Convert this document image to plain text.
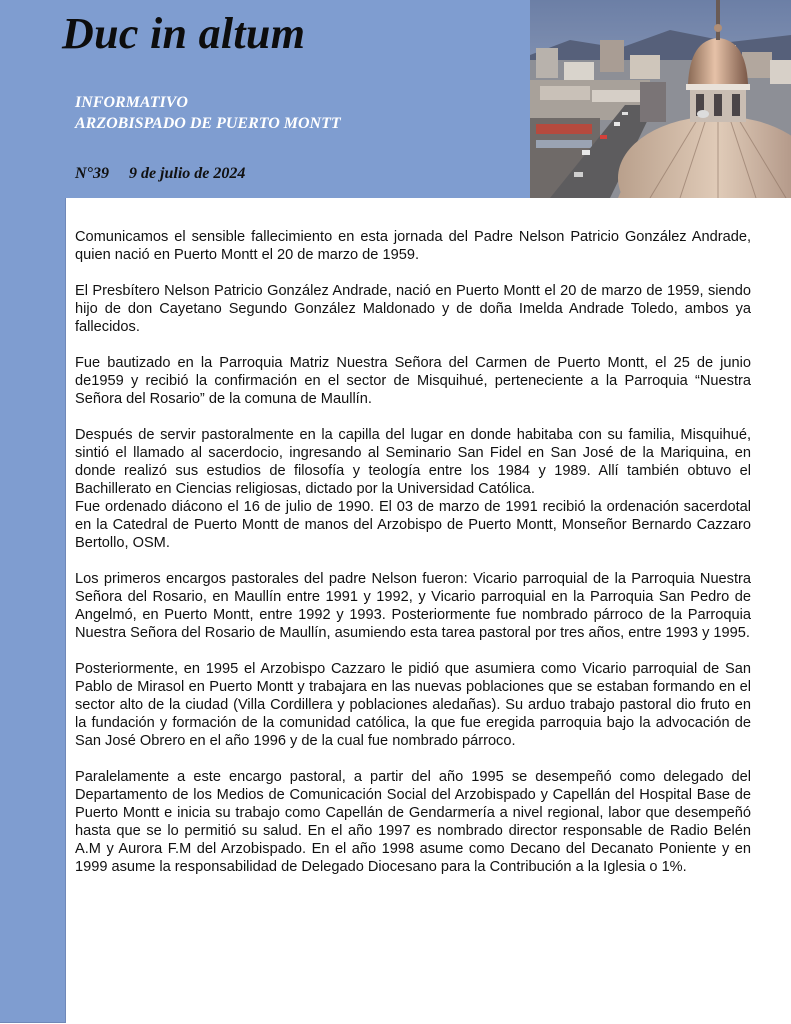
Duc in altum
INFORMATIVO
ARZOBISPADO DE PUERTO MONTT
N°39 9 de julio de 2024

Comunicamos el sensible fallecimiento en esta jornada del Padre Nelson Patricio González Andrade, quien nació en Puerto Montt el 20 de marzo de 1959.

El Presbítero Nelson Patricio González Andrade, nació en Puerto Montt el 20 de marzo de 1959, siendo hijo de don Cayetano Segundo González Maldonado y de doña Imelda Andrade Toledo, ambos ya fallecidos.

Fue bautizado en la Parroquia Matriz Nuestra Señora del Carmen de Puerto Montt, el 25 de junio de1959 y recibió la confirmación en el sector de Misquihué, perteneciente a la Parroquia “Nuestra Señora del Rosario” de la comuna de Maullín.

Después de servir pastoralmente en la capilla del lugar en donde habitaba con su familia, Misquihué, sintió el llamado al sacerdocio, ingresando al Seminario San Fidel en San José de la Mariquina, en donde realizó sus estudios de filosofía y teología entre los 1984 y 1989. Allí también obtuvo el Bachillerato en Ciencias religiosas, dictado por la Universidad Católica.

Fue ordenado diácono el 16 de julio de 1990. El 03 de marzo de 1991 recibió la ordenación sacerdotal en la Catedral de Puerto Montt de manos del Arzobispo de Puerto Montt, Monseñor Bernardo Cazzaro Bertollo, OSM.

Los primeros encargos pastorales del padre Nelson fueron: Vicario parroquial de la Parroquia Nuestra Señora del Rosario, en Maullín entre 1991 y 1992, y Vicario parroquial en la Parroquia San Pedro de Angelmó, en Puerto Montt, entre 1992 y 1993. Posteriormente fue nombrado párroco de la Parroquia Nuestra Señora del Rosario de Maullín, asumiendo esta tarea pastoral por tres años, entre 1993 y 1995.

Posteriormente, en 1995 el Arzobispo Cazzaro le pidió que asumiera como Vicario parroquial de San Pablo de Mirasol en Puerto Montt y trabajara en las nuevas poblaciones que se estaban formando en el sector alto de la ciudad (Villa Cordillera y poblaciones aledañas). Su arduo trabajo pastoral dio fruto en la fundación y formación de la comunidad católica, la que fue eregida parroquia bajo la advocación de San José Obrero en el año 1996 y de la cual fue nombrado párroco.

Paralelamente a este encargo pastoral, a partir del año 1995 se desempeñó como delegado del Departamento de los Medios de Comunicación Social del Arzobispado y Capellán del Hospital Base de Puerto Montt e inicia su trabajo como Capellán de Gendarmería a nivel regional, labor que desempeñó hasta que se lo permitió su salud. En el año 1997 es nombrado director responsable de Radio Belén A.M y Aurora F.M del Arzobispado. En el año 1998 asume como Decano del Decanato Poniente y en 1999 asume la responsabilidad de Delegado Diocesano para la Contribución a la Iglesia o 1%.
